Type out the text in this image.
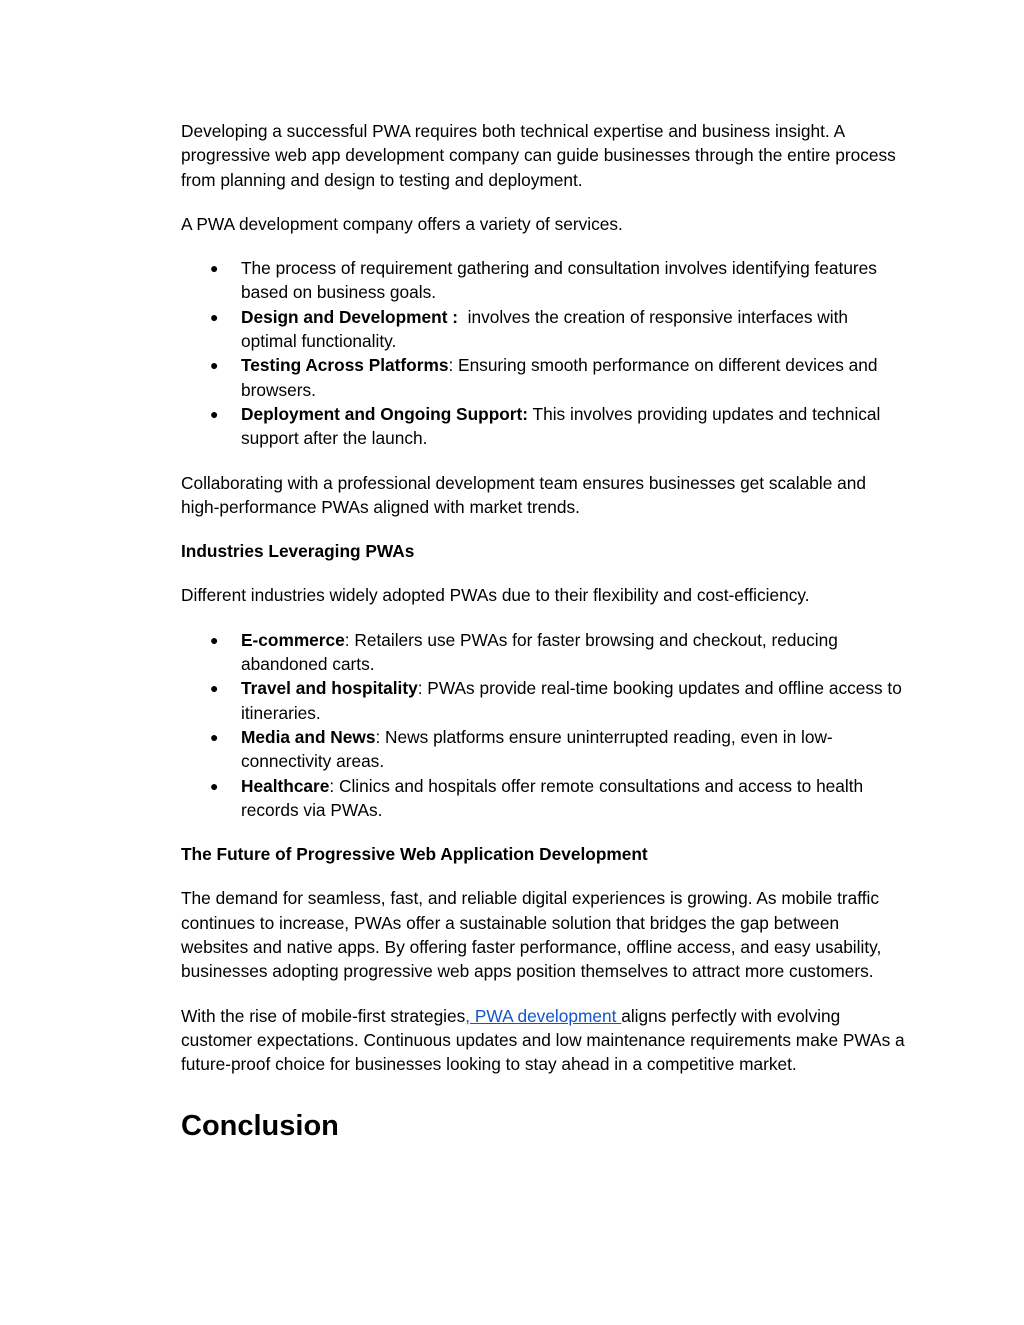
Developing a successful PWA requires both technical expertise and business insight. A progressive web app development company can guide businesses through the entire process from planning and design to testing and deployment.

A PWA development company offers a variety of services.

● The process of requirement gathering and consultation involves identifying features based on business goals.
● Design and Development :  involves the creation of responsive interfaces with optimal functionality.
● Testing Across Platforms: Ensuring smooth performance on different devices and browsers.
● Deployment and Ongoing Support: This involves providing updates and technical support after the launch.

Collaborating with a professional development team ensures businesses get scalable and high-performance PWAs aligned with market trends.

Industries Leveraging PWAs

Different industries widely adopted PWAs due to their flexibility and cost-efficiency.

● E-commerce: Retailers use PWAs for faster browsing and checkout, reducing abandoned carts.
● Travel and hospitality: PWAs provide real-time booking updates and offline access to itineraries.
● Media and News: News platforms ensure uninterrupted reading, even in low-connectivity areas.
● Healthcare: Clinics and hospitals offer remote consultations and access to health records via PWAs.
The Future of Progressive Web Application Development

The demand for seamless, fast, and reliable digital experiences is growing. As mobile traffic continues to increase, PWAs offer a sustainable solution that bridges the gap between websites and native apps. By offering faster performance, offline access, and easy usability, businesses adopting progressive web apps position themselves to attract more customers.

With the rise of mobile-first strategies, PWA development aligns perfectly with evolving customer expectations. Continuous updates and low maintenance requirements make PWAs a future-proof choice for businesses looking to stay ahead in a competitive market.

Conclusion
